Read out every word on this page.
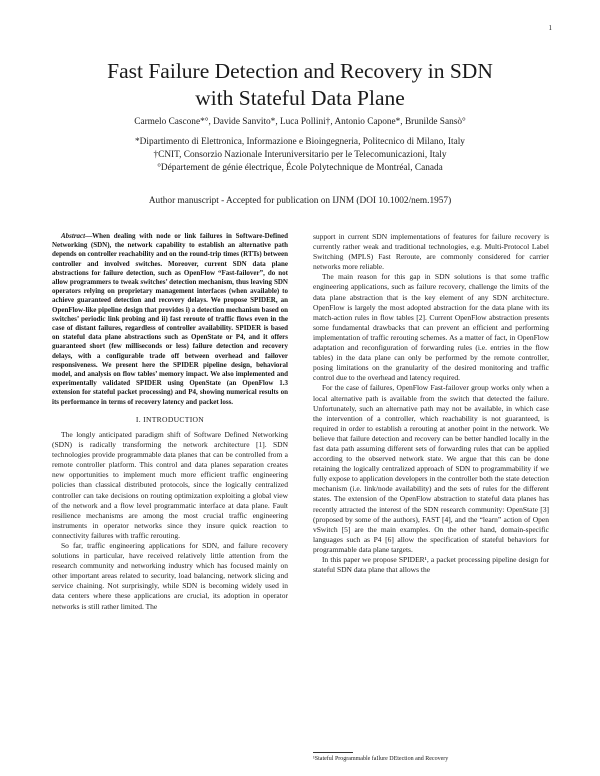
1
Fast Failure Detection and Recovery in SDN
with Stateful Data Plane
Carmelo Cascone*°, Davide Sanvito*, Luca Pollini†, Antonio Capone*, Brunilde Sansò°
*Dipartimento di Elettronica, Informazione e Bioingegneria, Politecnico di Milano, Italy
†CNIT, Consorzio Nazionale Interuniversitario per le Telecomunicazioni, Italy
°Département de génie électrique, École Polytechnique de Montréal, Canada
Author manuscript - Accepted for publication on IJNM (DOI 10.1002/nem.1957)

Abstract—When dealing with node or link failures in Software-Defined Networking (SDN), the network capability to establish an alternative path depends on controller reachability and on the round-trip times (RTTs) between controller and involved switches. Moreover, current SDN data plane abstractions for failure detection, such as OpenFlow “Fast-failover”, do not allow programmers to tweak switches’ detection mechanism, thus leaving SDN operators relying on proprietary management interfaces (when available) to achieve guaranteed detection and recovery delays. We propose SPIDER, an OpenFlow-like pipeline design that provides i) a detection mechanism based on switches’ periodic link probing and ii) fast reroute of traffic flows even in the case of distant failures, regardless of controller availability. SPIDER is based on stateful data plane abstractions such as OpenState or P4, and it offers guaranteed short (few milliseconds or less) failure detection and recovery delays, with a configurable trade off between overhead and failover responsiveness. We present here the SPIDER pipeline design, behavioral model, and analysis on flow tables’ memory impact. We also implemented and experimentally validated SPIDER using OpenState (an OpenFlow 1.3 extension for stateful packet processing) and P4, showing numerical results on its performance in terms of recovery latency and packet loss.

I. INTRODUCTION

The longly anticipated paradigm shift of Software Defined Networking (SDN) is radically transforming the network architecture [1]. SDN technologies provide programmable data planes that can be controlled from a remote controller platform. This control and data planes separation creates new opportunities to implement much more efficient traffic engineering policies than classical distributed protocols, since the logically centralized controller can take decisions on routing optimization exploiting a global view of the network and a flow level programmatic interface at data plane. Fault resilience mechanisms are among the most crucial traffic engineering instruments in operator networks since they insure quick reaction to connectivity failures with traffic rerouting.

So far, traffic engineering applications for SDN, and failure recovery solutions in particular, have received relatively little attention from the research community and networking industry which has focused mainly on other important areas related to security, load balancing, network slicing and service chaining. Not surprisingly, while SDN is becoming widely used in data centers where these applications are crucial, its adoption in operator networks is still rather limited. The

support in current SDN implementations of features for failure recovery is currently rather weak and traditional technologies, e.g. Multi-Protocol Label Switching (MPLS) Fast Reroute, are commonly considered for carrier networks more reliable.

The main reason for this gap in SDN solutions is that some traffic engineering applications, such as failure recovery, challenge the limits of the data plane abstraction that is the key element of any SDN architecture. OpenFlow is largely the most adopted abstraction for the data plane with its match-action rules in flow tables [2]. Current OpenFlow abstraction presents some fundamental drawbacks that can prevent an efficient and performing implementation of traffic rerouting schemes. As a matter of fact, in OpenFlow adaptation and reconfiguration of forwarding rules (i.e. entries in the flow tables) in the data plane can only be performed by the remote controller, posing limitations on the granularity of the desired monitoring and traffic control due to the overhead and latency required.

For the case of failures, OpenFlow Fast-failover group works only when a local alternative path is available from the switch that detected the failure. Unfortunately, such an alternative path may not be available, in which case the intervention of a controller, which reachability is not guaranteed, is required in order to establish a rerouting at another point in the network. We believe that failure detection and recovery can be better handled locally in the fast data path assuming different sets of forwarding rules that can be applied according to the observed network state. We argue that this can be done retaining the logically centralized approach of SDN to programmability if we fully expose to application developers in the controller both the state detection mechanism (i.e. link/node availability) and the sets of rules for the different states. The extension of the OpenFlow abstraction to stateful data planes has recently attracted the interest of the SDN research community: OpenState [3] (proposed by some of the authors), FAST [4], and the “learn” action of Open vSwitch [5] are the main examples. On the other hand, domain-specific languages such as P4 [6] allow the specification of stateful behaviors for programmable data plane targets.

In this paper we propose SPIDER¹, a packet processing pipeline design for stateful SDN data plane that allows the

¹Stateful Programmable faIlure DEtection and Recovery
